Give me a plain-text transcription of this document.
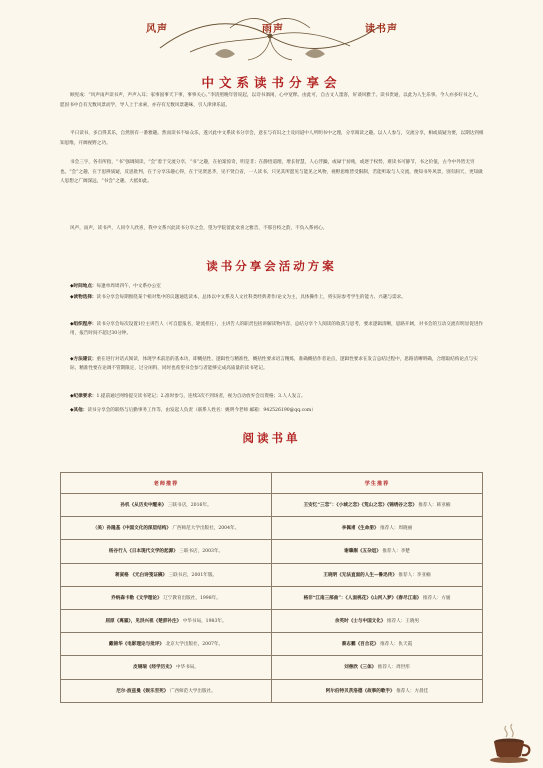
风声	雨声	读书声
中文系读书分享会

顾宪成：“风声雨声读书声，声声入耳；家事国事天下事，事事关心。”李清照晚年曾说起，以诗书酒闲，心中宽释。由此可，自古文人墨客，好谈风雅于。读书贵通，以此为人生乐事。今人亦多好书之人，愿因书中自有无数风景而学，导人上于求索，亦存有无数风景趣味，引人津津乐道。

平日读书，多自得其乐，自然别有一番雅趣。然而读书不如众乐，遂兴此中文系读书分享会，意在与有识之士及同道中人所明书中之理，分享阅读之趣。以人人参与，交流分享，相或质疑为要，以期达到相知思维，开阔视野之功。

书会三字，各有所指，“书”强调阅读，“会”着于交流分享，“书”之趣，在拍案惊奇，明是非；在静悟道理，增长智慧，人心浮躁，或碌于贫贱，或逐于权势，难读书可静节，书之价值，古今中外皆无穷也。“会”之趣，在于思辨质疑，反思批判，在于分享乐趣心得，在于见贤思齐，见不贤自省，一人读书，只见其所愿见与能见之风物，视野思维皆受限制，若能听取与人交流，便知书外风景，别有洞天，更知做人思想之广阔深远，“书会”之趣，大抵如此。

风声，雨声，读书声，人同令人欣喜，我中文系兴此读书分享之会，望为学院留此欢喜之雅音，不那吾校之韵，不负入系初心。

读书分享会活动方案
◆时间地点：每逢单周周四午，中文系办公室
◆读物选择：读书分享会每期围绕某个相对集中的议题通选读本，总体以中文系及人文社科类经典著作/论文为主，具体操作上，将实际参考学生的能力、兴趣与需求。
◆组织程序：读书分享会每次设置1位主讲告人（可自愿报名，轮流担任），主讲告人的职责包括讲解读物内容、总结分享个人阅读的收获与思考，要求逻辑清晰，思路开阔，对书会的互动交流有明显促进作用，报告时间不超过30分钟。
◆方法建议：重在进行对话式阅读，体现学术前沿的基本功，即概括性、逻辑性与精准性，概括性要求语言精炼，准确概括作者论点，逻辑性要求在发言总结过程中，思路清晰明确，合理取结构论点与实际，精准性要在论调不管期限定，过分闲料，同时也希望书会参与者能够完成高质量的读书笔记。
◆纪律要求：1.提前通过网络提交读书笔记；2.准时参与，连续3次不到场者，视为自动放弃会员资格；3.人人发言。
◆其他：读书分享会的联络与后勤事务工作等，由发起人负责（联系人姓名：姚明今老师 邮箱：942526190@qq.com）
阅读书单
老师推荐	学生推荐
孙机《从历史中醒来》 三联书店，2016年。	王安忆“三恋”：《小城之恋》《荒山之恋》《锦绣谷之恋》 推荐人：韩亚楠
（美）孙隆基《中国文化的深层结构》 广西师范大学出版社，2004年。	李佩甫《生命册》 推荐人：周晓丽
杨谷行人《日本现代文学的起源》 三联书店，2003年。	谢肇淛《五杂俎》 推荐人：李楚
蒋寅格 《元白诗笺证稿》 三联书店，2001年版。	王晓明《无法直面的人生—鲁迅传》 推荐人：李亚楠
乔纳森卡勒《文学理论》 辽宁教育出版社，1998年。	格非“江南三部曲”：《人面桃花》《山河入梦》《春尽江南》 推荐人：方媛
屈原《离骚》，见洪兴祖《楚辞补注》 中华书局，1983年。	余英时《士与中国文化》 推荐人：王晓男
戴锦华《电影理论与批评》 北京大学出版社，2007年。	蔡志鹏《百合花》 推荐人：仇天霞
皮锡瑞《经学历史》 中华书局。	刘慈欣《三体》 推荐人：周世彤
尼尔·波兹曼《娱乐至死》 广西师范大学出版社。	阿尔伯特贝茨洛德《故事的歌手》 推荐人：方晨佳
